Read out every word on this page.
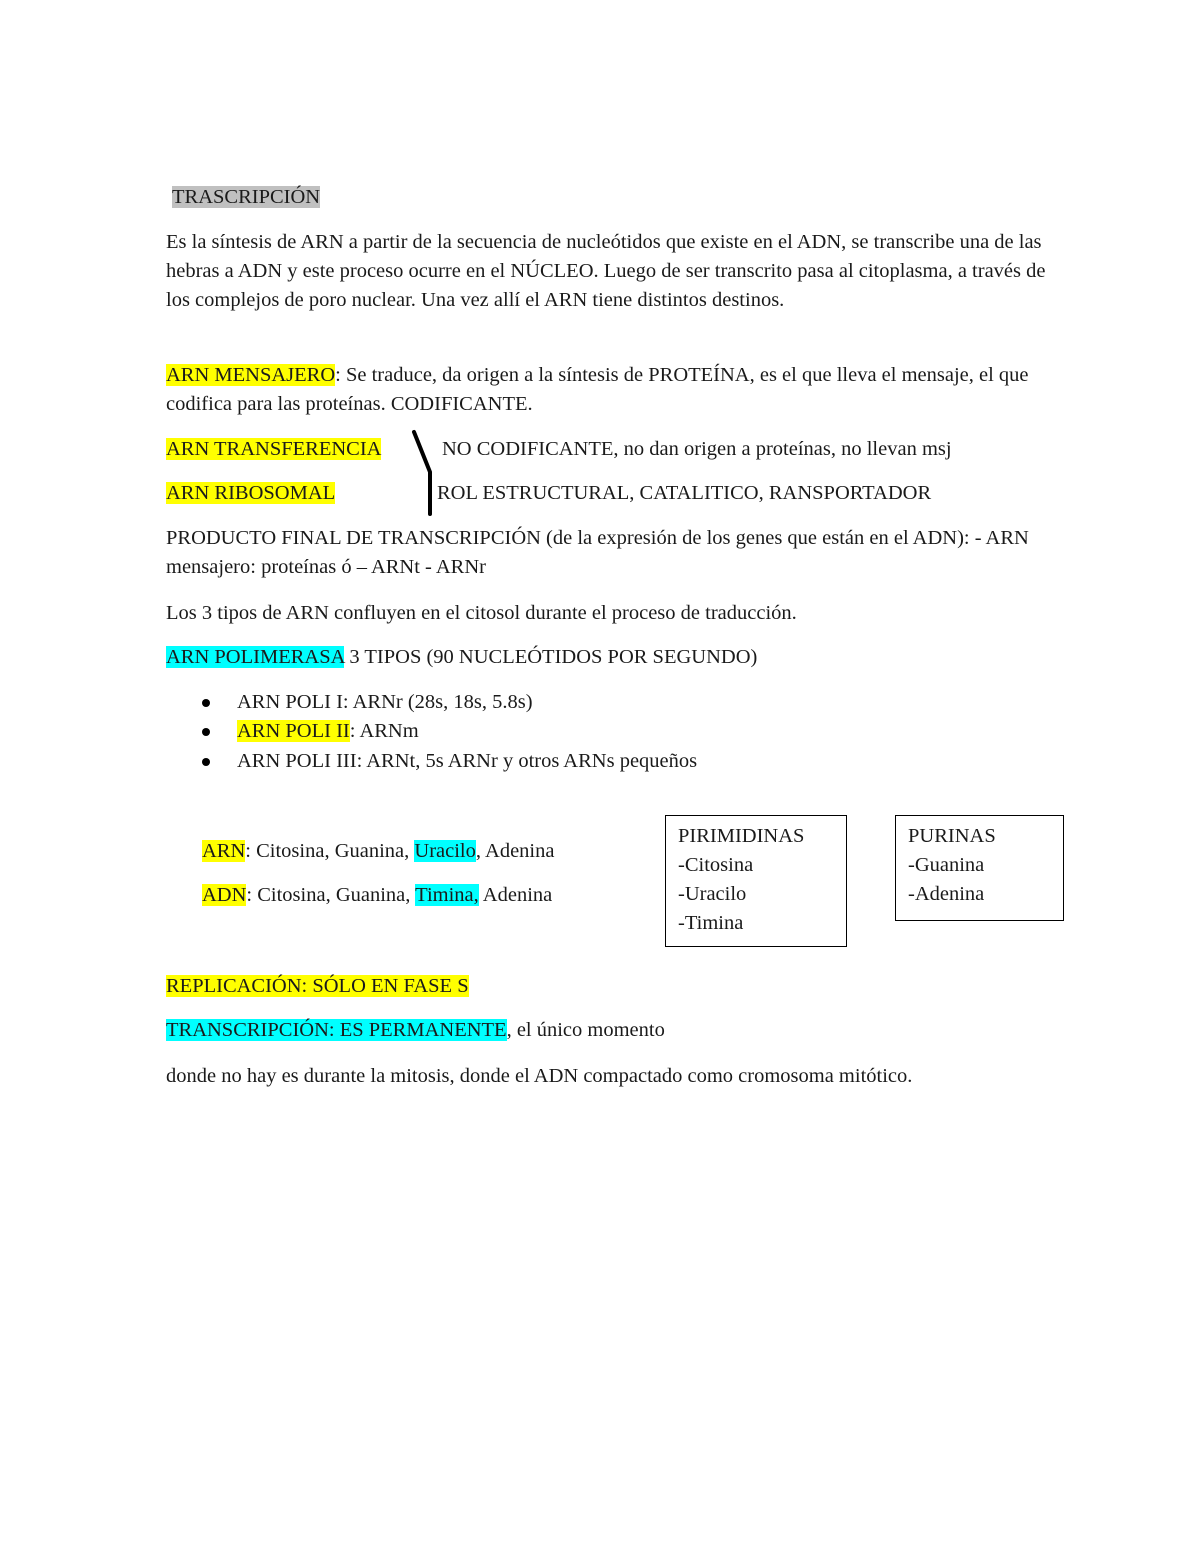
TRASCRIPCIÓN
Es la síntesis de ARN a partir de la secuencia de nucleótidos que existe en el ADN, se transcribe una de las hebras a ADN y este proceso ocurre en el NÚCLEO. Luego de ser transcrito pasa al citoplasma, a través de los complejos de poro nuclear. Una vez allí el ARN tiene distintos destinos.
ARN MENSAJERO: Se traduce, da origen a la síntesis de PROTEÍNA, es el que lleva el mensaje, el que codifica para las proteínas. CODIFICANTE.
ARN TRANSFERENCIA	NO CODIFICANTE, no dan origen a proteínas, no llevan msj
ARN RIBOSOMAL	ROL ESTRUCTURAL, CATALITICO, RANSPORTADOR
PRODUCTO FINAL DE TRANSCRIPCIÓN (de la expresión de los genes que están en el ADN): - ARN mensajero: proteínas ó – ARNt - ARNr
Los 3 tipos de ARN confluyen en el citosol durante el proceso de traducción.
ARN POLIMERASA 3 TIPOS (90 NUCLEÓTIDOS POR SEGUNDO)
ARN POLI I: ARNr (28s, 18s, 5.8s)
ARN POLI II: ARNm
ARN POLI III: ARNt, 5s ARNr y otros ARNs pequeños
ARN: Citosina, Guanina, Uracilo, Adenina
ADN: Citosina, Guanina, Timina, Adenina
PIRIMIDINAS
-Citosina
-Uracilo
-Timina
PURINAS
-Guanina
-Adenina
REPLICACIÓN: SÓLO EN FASE S
TRANSCRIPCIÓN: ES PERMANENTE, el único momento
donde no hay es durante la mitosis, donde el ADN compactado como cromosoma mitótico.
